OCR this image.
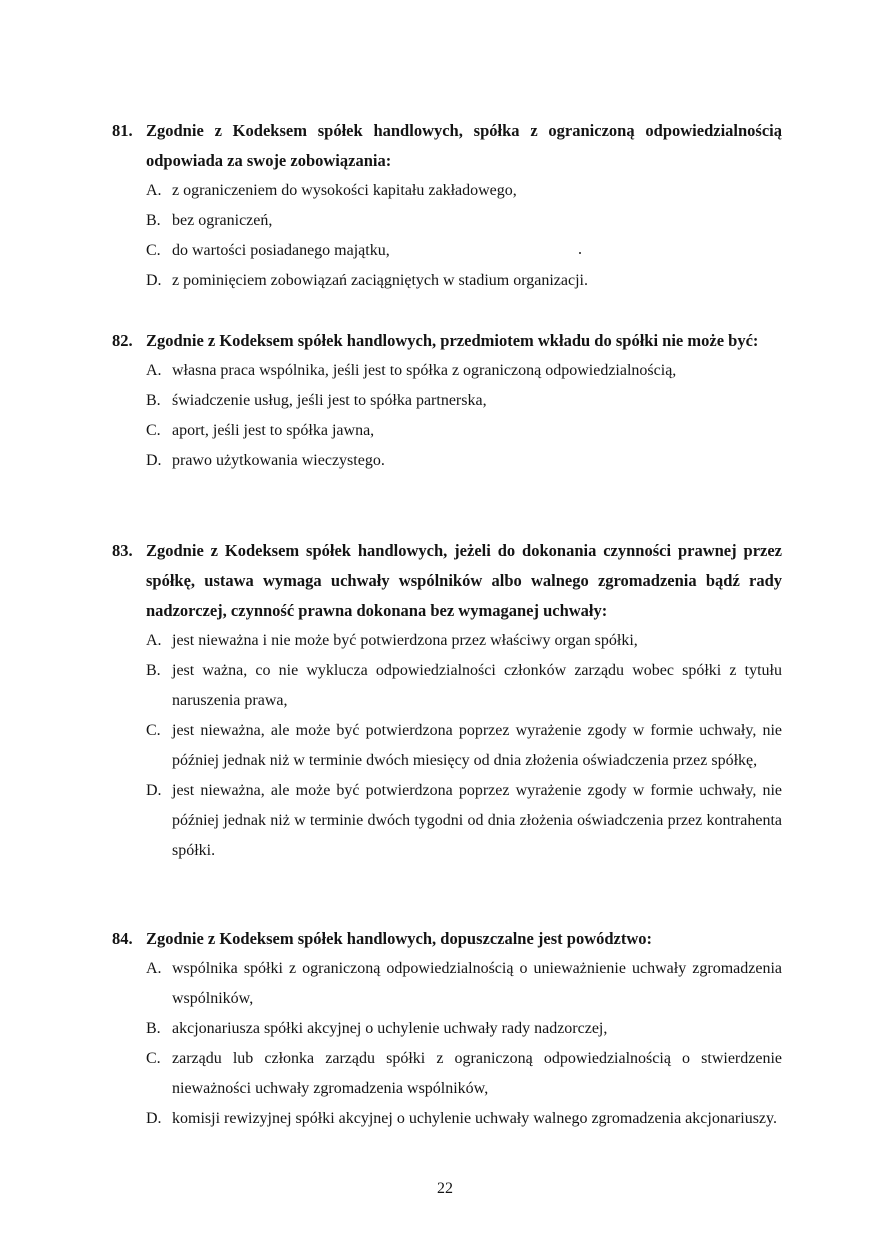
81. Zgodnie z Kodeksem spółek handlowych, spółka z ograniczoną odpowiedzialnością odpowiada za swoje zobowiązania:
A. z ograniczeniem do wysokości kapitału zakładowego,
B. bez ograniczeń,
C. do wartości posiadanego majątku,
D. z pominięciem zobowiązań zaciągniętych w stadium organizacji.
82. Zgodnie z Kodeksem spółek handlowych, przedmiotem wkładu do spółki nie może być:
A. własna praca wspólnika, jeśli jest to spółka z ograniczoną odpowiedzialnością,
B. świadczenie usług, jeśli jest to spółka partnerska,
C. aport, jeśli jest to spółka jawna,
D. prawo użytkowania wieczystego.
83. Zgodnie z Kodeksem spółek handlowych, jeżeli do dokonania czynności prawnej przez spółkę, ustawa wymaga uchwały wspólników albo walnego zgromadzenia bądź rady nadzorczej, czynność prawna dokonana bez wymaganej uchwały:
A. jest nieważna i nie może być potwierdzona przez właściwy organ spółki,
B. jest ważna, co nie wyklucza odpowiedzialności członków zarządu wobec spółki z tytułu naruszenia prawa,
C. jest nieważna, ale może być potwierdzona poprzez wyrażenie zgody w formie uchwały, nie później jednak niż w terminie dwóch miesięcy od dnia złożenia oświadczenia przez spółkę,
D. jest nieważna, ale może być potwierdzona poprzez wyrażenie zgody w formie uchwały, nie później jednak niż w terminie dwóch tygodni od dnia złożenia oświadczenia przez kontrahenta spółki.
84. Zgodnie z Kodeksem spółek handlowych, dopuszczalne jest powództwo:
A. wspólnika spółki z ograniczoną odpowiedzialnością o unieważnienie uchwały zgromadzenia wspólników,
B. akcjonariusza spółki akcyjnej o uchylenie uchwały rady nadzorczej,
C. zarządu lub członka zarządu spółki z ograniczoną odpowiedzialnością o stwierdzenie nieważności uchwały zgromadzenia wspólników,
D. komisji rewizyjnej spółki akcyjnej o uchylenie uchwały walnego zgromadzenia akcjonariuszy.
22
